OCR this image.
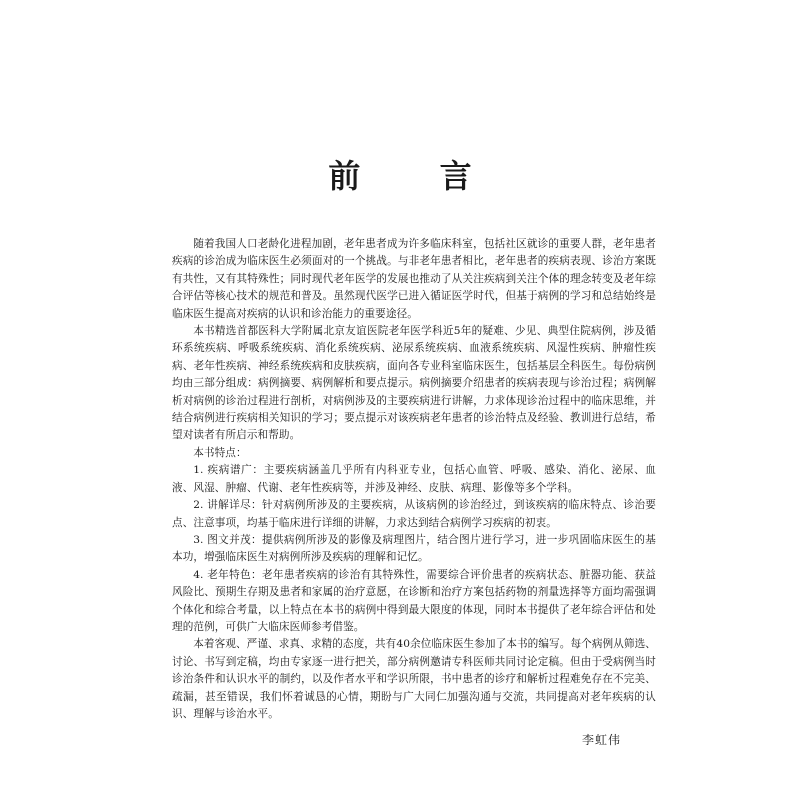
前 言

随着我国人口老龄化进程加剧，老年患者成为许多临床科室，包括社区就诊的重要人群，老年患者疾病的诊治成为临床医生必须面对的一个挑战。与非老年患者相比，老年患者的疾病表现、诊治方案既有共性，又有其特殊性；同时现代老年医学的发展也推动了从关注疾病到关注个体的理念转变及老年综合评估等核心技术的规范和普及。虽然现代医学已进入循证医学时代，但基于病例的学习和总结始终是临床医生提高对疾病的认识和诊治能力的重要途径。

本书精选首都医科大学附属北京友谊医院老年医学科近5年的疑难、少见、典型住院病例，涉及循环系统疾病、呼吸系统疾病、消化系统疾病、泌尿系统疾病、血液系统疾病、风湿性疾病、肿瘤性疾病、老年性疾病、神经系统疾病和皮肤疾病，面向各专业科室临床医生，包括基层全科医生。每份病例均由三部分组成：病例摘要、病例解析和要点提示。病例摘要介绍患者的疾病表现与诊治过程；病例解析对病例的诊治过程进行剖析，对病例涉及的主要疾病进行讲解，力求体现诊治过程中的临床思维，并结合病例进行疾病相关知识的学习；要点提示对该疾病老年患者的诊治特点及经验、教训进行总结，希望对读者有所启示和帮助。

本书特点：

1. 疾病谱广：主要疾病涵盖几乎所有内科亚专业，包括心血管、呼吸、感染、消化、泌尿、血液、风湿、肿瘤、代谢、老年性疾病等，并涉及神经、皮肤、病理、影像等多个学科。

2. 讲解详尽：针对病例所涉及的主要疾病，从该病例的诊治经过，到该疾病的临床特点、诊治要点、注意事项，均基于临床进行详细的讲解，力求达到结合病例学习疾病的初衷。

3. 图文并茂：提供病例所涉及的影像及病理图片，结合图片进行学习，进一步巩固临床医生的基本功，增强临床医生对病例所涉及疾病的理解和记忆。

4. 老年特色：老年患者疾病的诊治有其特殊性，需要综合评价患者的疾病状态、脏器功能、获益风险比、预期生存期及患者和家属的治疗意愿，在诊断和治疗方案包括药物的剂量选择等方面均需强调个体化和综合考量，以上特点在本书的病例中得到最大限度的体现，同时本书提供了老年综合评估和处理的范例，可供广大临床医师参考借鉴。

本着客观、严谨、求真、求精的态度，共有40余位临床医生参加了本书的编写。每个病例从筛选、讨论、书写到定稿，均由专家逐一进行把关，部分病例邀请专科医师共同讨论定稿。但由于受病例当时诊治条件和认识水平的制约，以及作者水平和学识所限，书中患者的诊疗和解析过程难免存在不完美、疏漏，甚至错误，我们怀着诚恳的心情，期盼与广大同仁加强沟通与交流，共同提高对老年疾病的认识、理解与诊治水平。

李虹伟
